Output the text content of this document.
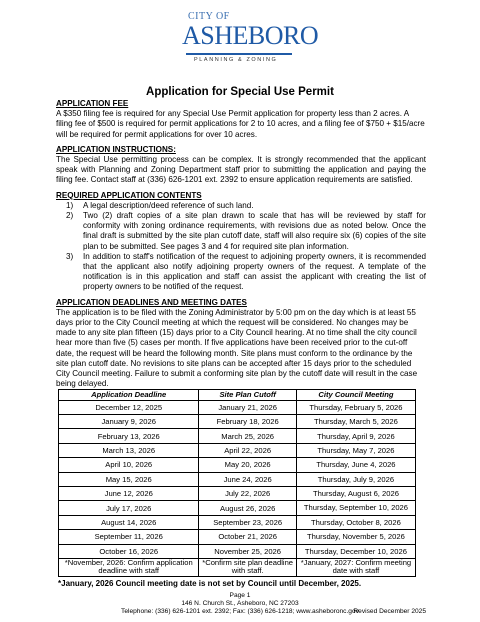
CITY OF
ASHEBORO
PLANNING & ZONING
Application for Special Use Permit

APPLICATION FEE

A $350 filing fee is required for any Special Use Permit application for property less than 2 acres. A filing fee of $500 is required for permit applications for 2 to 10 acres, and a filing fee of $750 + $15/acre will be required for permit applications for over 10 acres.

APPLICATION INSTRUCTIONS:

The Special Use permitting process can be complex. It is strongly recommended that the applicant speak with Planning and Zoning Department staff prior to submitting the application and paying the filing fee. Contact staff at (336) 626-1201 ext. 2392 to ensure application requirements are satisfied.

REQUIRED APPLICATION CONTENTS

1) A legal description/deed reference of such land.
2) Two (2) draft copies of a site plan drawn to scale that has will be reviewed by staff for conformity with zoning ordinance requirements, with revisions due as noted below. Once the final draft is submitted by the site plan cutoff date, staff will also require six (6) copies of the site plan to be submitted. See pages 3 and 4 for required site plan information.
3) In addition to staff's notification of the request to adjoining property owners, it is recommended that the applicant also notify adjoining property owners of the request. A template of the notification is in this application and staff can assist the applicant with creating the list of property owners to be notified of the request.

APPLICATION DEADLINES AND MEETING DATES

The application is to be filed with the Zoning Administrator by 5:00 pm on the day which is at least 55 days prior to the City Council meeting at which the request will be considered. No changes may be made to any site plan fifteen (15) days prior to a City Council hearing. At no time shall the city council hear more than five (5) cases per month. If five applications have been received prior to the cut-off date, the request will be heard the following month. Site plans must conform to the ordinance by the site plan cutoff date. No revisions to site plans can be accepted after 15 days prior to the scheduled City Council meeting. Failure to submit a conforming site plan by the cutoff date will result in the case being delayed.

Application Deadline	Site Plan Cutoff	City Council Meeting
December 12, 2025	January 21, 2026	Thursday, February 5, 2026
January 9, 2026	February 18, 2026	Thursday, March 5, 2026
February 13, 2026	March 25, 2026	Thursday, April 9, 2026
March 13, 2026	April 22, 2026	Thursday, May 7, 2026
April 10, 2026	May 20, 2026	Thursday, June 4, 2026
May 15, 2026	June 24, 2026	Thursday, July 9, 2026
June 12, 2026	July 22, 2026	Thursday, August 6, 2026
July 17, 2026	August 26, 2026	Thursday, September 10, 2026
August 14, 2026	September 23, 2026	Thursday, October 8, 2026
September 11, 2026	October 21, 2026	Thursday, November 5, 2026
October 16, 2026	November 25, 2026	Thursday, December 10, 2026
*November, 2026: Confirm application deadline with staff	*Confirm site plan deadline with staff.	*January, 2027: Confirm meeting date with staff
*January, 2026 Council meeting date is not set by Council until December, 2025.
Page 1
146 N. Church St., Asheboro, NC 27203
Telephone: (336) 626-1201 ext. 2392; Fax: (336) 626-1218; www.asheboronc.gov
Revised December 2025
